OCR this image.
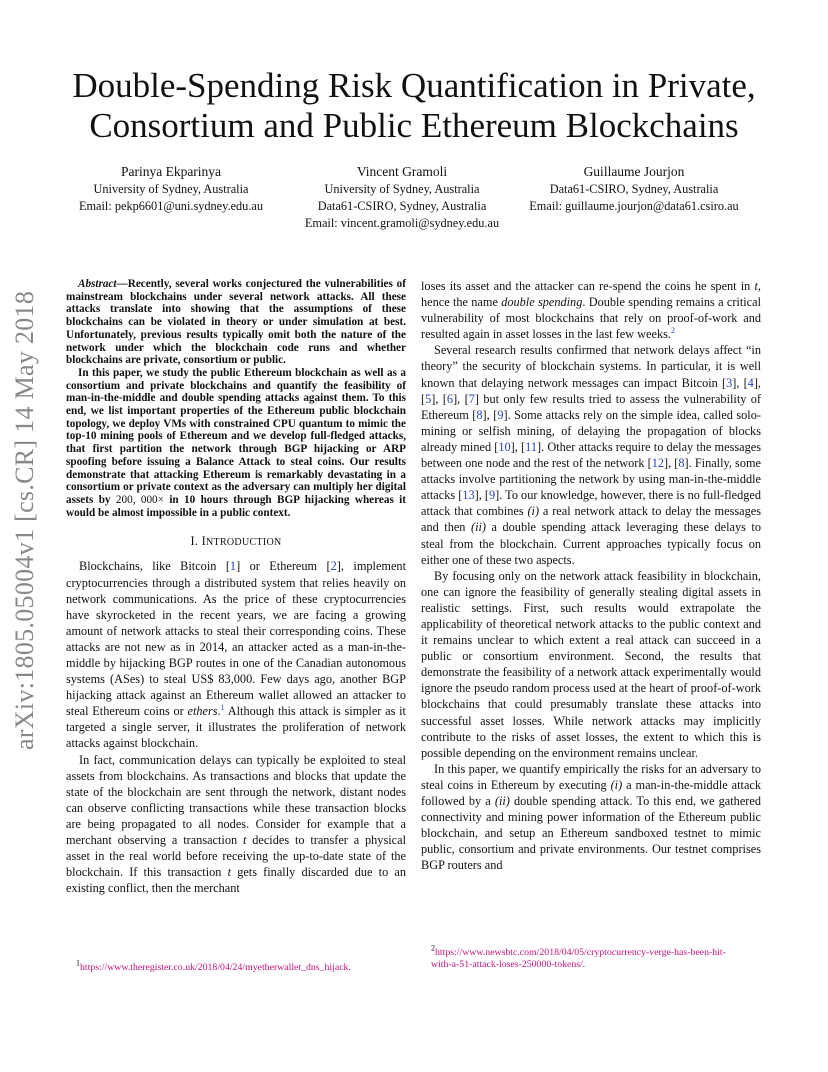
Double-Spending Risk Quantification in Private,
Consortium and Public Ethereum Blockchains
Parinya Ekparinya
University of Sydney, Australia
Email: pekp6601@uni.sydney.edu.au
Vincent Gramoli
University of Sydney, Australia
Data61-CSIRO, Sydney, Australia
Email: vincent.gramoli@sydney.edu.au
Guillaume Jourjon
Data61-CSIRO, Sydney, Australia
Email: guillaume.jourjon@data61.csiro.au
arXiv:1805.05004v1 [cs.CR] 14 May 2018

Abstract—Recently, several works conjectured the vulnerabilities of mainstream blockchains under several network attacks. All these attacks translate into showing that the assumptions of these blockchains can be violated in theory or under simulation at best. Unfortunately, previous results typically omit both the nature of the network under which the blockchain code runs and whether blockchains are private, consortium or public.

In this paper, we study the public Ethereum blockchain as well as a consortium and private blockchains and quantify the feasibility of man-in-the-middle and double spending attacks against them. To this end, we list important properties of the Ethereum public blockchain topology, we deploy VMs with constrained CPU quantum to mimic the top-10 mining pools of Ethereum and we develop full-fledged attacks, that first partition the network through BGP hijacking or ARP spoofing before issuing a Balance Attack to steal coins. Our results demonstrate that attacking Ethereum is remarkably devastating in a consortium or private context as the adversary can multiply her digital assets by 200, 000× in 10 hours through BGP hijacking whereas it would be almost impossible in a public context.

I. INTRODUCTION

Blockchains, like Bitcoin [1] or Ethereum [2], implement cryptocurrencies through a distributed system that relies heavily on network communications. As the price of these cryptocurrencies have skyrocketed in the recent years, we are facing a growing amount of network attacks to steal their corresponding coins. These attacks are not new as in 2014, an attacker acted as a man-in-the-middle by hijacking BGP routes in one of the Canadian autonomous systems (ASes) to steal US$ 83,000. Few days ago, another BGP hijacking attack against an Ethereum wallet allowed an attacker to steal Ethereum coins or ethers.$^1$ Although this attack is simpler as it targeted a single server, it illustrates the proliferation of network attacks against blockchain.

In fact, communication delays can typically be exploited to steal assets from blockchains. As transactions and blocks that update the state of the blockchain are sent through the network, distant nodes can observe conflicting transactions while these transaction blocks are being propagated to all nodes. Consider for example that a merchant observing a transaction t decides to transfer a physical asset in the real world before receiving the up-to-date state of the blockchain. If this transaction t gets finally discarded due to an existing conflict, then the merchant

loses its asset and the attacker can re-spend the coins he spent in t, hence the name double spending. Double spending remains a critical vulnerability of most blockchains that rely on proof-of-work and resulted again in asset losses in the last few weeks.$^2$

Several research results confirmed that network delays affect “in theory” the security of blockchain systems. In particular, it is well known that delaying network messages can impact Bitcoin [3], [4], [5], [6], [7] but only few results tried to assess the vulnerability of Ethereum [8], [9]. Some attacks rely on the simple idea, called solo-mining or selfish mining, of delaying the propagation of blocks already mined [10], [11]. Other attacks require to delay the messages between one node and the rest of the network [12], [8]. Finally, some attacks involve partitioning the network by using man-in-the-middle attacks [13], [9]. To our knowledge, however, there is no full-fledged attack that combines (i) a real network attack to delay the messages and then (ii) a double spending attack leveraging these delays to steal from the blockchain. Current approaches typically focus on either one of these two aspects.

By focusing only on the network attack feasibility in blockchain, one can ignore the feasibility of generally stealing digital assets in realistic settings. First, such results would extrapolate the applicability of theoretical network attacks to the public context and it remains unclear to which extent a real attack can succeed in a public or consortium environment. Second, the results that demonstrate the feasibility of a network attack experimentally would ignore the pseudo random process used at the heart of proof-of-work blockchains that could presumably translate these attacks into successful asset losses. While network attacks may implicitly contribute to the risks of asset losses, the extent to which this is possible depending on the environment remains unclear.

In this paper, we quantify empirically the risks for an adversary to steal coins in Ethereum by executing (i) a man-in-the-middle attack followed by a (ii) double spending attack. To this end, we gathered connectivity and mining power information of the Ethereum public blockchain, and setup an Ethereum sandboxed testnet to mimic public, consortium and private environments. Our testnet comprises BGP routers and

$^1$https://www.theregister.co.uk/2018/04/24/myetherwallet_dns_hijack.
$^2$https://www.newsbtc.com/2018/04/05/cryptocurrency-verge-has-been-hit-
with-a-51-attack-loses-250000-tokens/.
